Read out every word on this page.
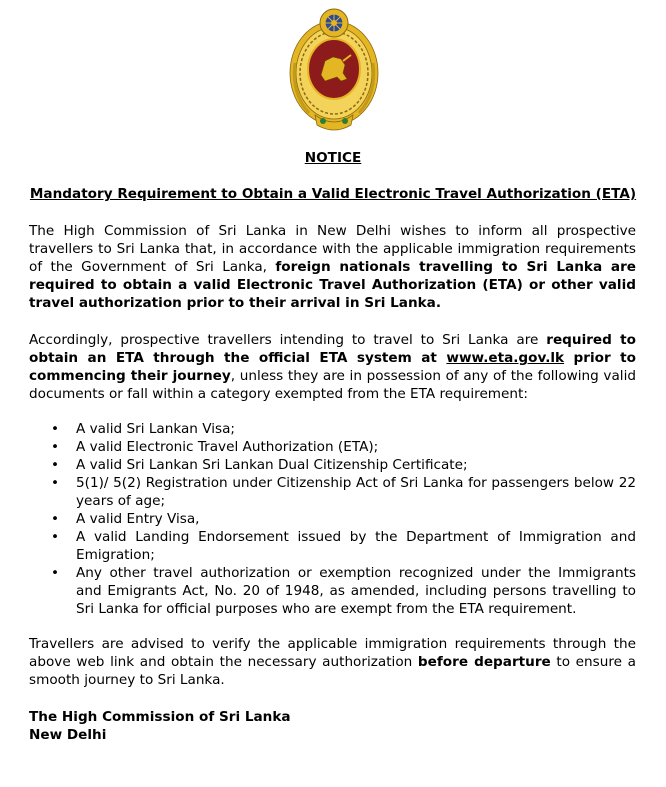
NOTICE
Mandatory Requirement to Obtain a Valid Electronic Travel Authorization (ETA)

The High Commission of Sri Lanka in New Delhi wishes to inform all prospective travellers to Sri Lanka that, in accordance with the applicable immigration requirements of the Government of Sri Lanka, foreign nationals travelling to Sri Lanka are required to obtain a valid Electronic Travel Authorization (ETA) or other valid travel authorization prior to their arrival in Sri Lanka.

Accordingly, prospective travellers intending to travel to Sri Lanka are required to obtain an ETA through the official ETA system at www.eta.gov.lk prior to commencing their journey, unless they are in possession of any of the following valid documents or fall within a category exempted from the ETA requirement:

• A valid Sri Lankan Visa;
• A valid Electronic Travel Authorization (ETA);
• A valid Sri Lankan Sri Lankan Dual Citizenship Certificate;
• 5(1)/ 5(2) Registration under Citizenship Act of Sri Lanka for passengers below 22 years of age;
• A valid Entry Visa,
• A valid Landing Endorsement issued by the Department of Immigration and Emigration;
• Any other travel authorization or exemption recognized under the Immigrants and Emigrants Act, No. 20 of 1948, as amended, including persons travelling to Sri Lanka for official purposes who are exempt from the ETA requirement.

Travellers are advised to verify the applicable immigration requirements through the above web link and obtain the necessary authorization before departure to ensure a smooth journey to Sri Lanka.

The High Commission of Sri Lanka
New Delhi
